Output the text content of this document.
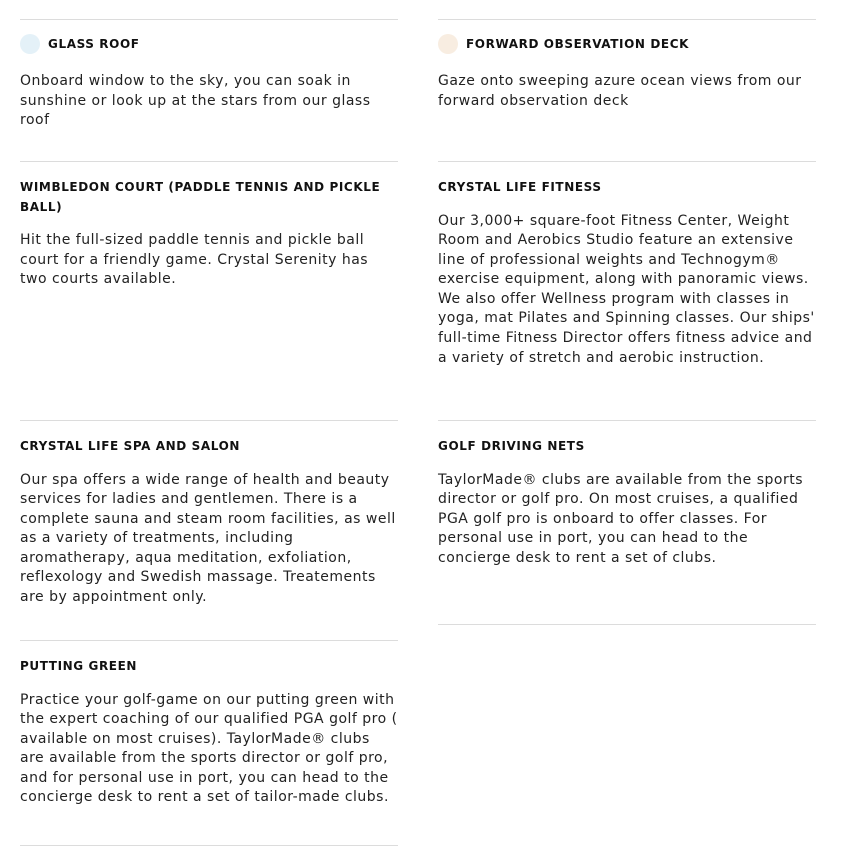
GLASS ROOF

Onboard window to the sky, you can soak in sunshine or look up at the stars from our glass roof

FORWARD OBSERVATION DECK

Gaze onto sweeping azure ocean views from our forward observation deck

WIMBLEDON COURT (PADDLE TENNIS AND PICKLE BALL)

Hit the full-sized paddle tennis and pickle ball court for a friendly game. Crystal Serenity has two courts available.

CRYSTAL LIFE FITNESS

Our 3,000+ square-foot Fitness Center, Weight Room and Aerobics Studio feature an extensive line of professional weights and Technogym® exercise equipment, along with panoramic views. We also offer Wellness program with classes in yoga, mat Pilates and Spinning classes. Our ships' full-time Fitness Director offers fitness advice and a variety of stretch and aerobic instruction.

CRYSTAL LIFE SPA AND SALON

Our spa offers a wide range of health and beauty services for ladies and gentlemen. There is a complete sauna and steam room facilities, as well as a variety of treatments, including aromatherapy, aqua meditation, exfoliation, reflexology and Swedish massage. Treatements are by appointment only.

GOLF DRIVING NETS

TaylorMade® clubs are available from the sports director or golf pro. On most cruises, a qualified PGA golf pro is onboard to offer classes. For personal use in port, you can head to the concierge desk to rent a set of clubs.

PUTTING GREEN

Practice your golf-game on our putting green with the expert coaching of our qualified PGA golf pro ( available on most cruises). TaylorMade® clubs are available from the sports director or golf pro, and for personal use in port, you can head to the concierge desk to rent a set of tailor-made clubs.
